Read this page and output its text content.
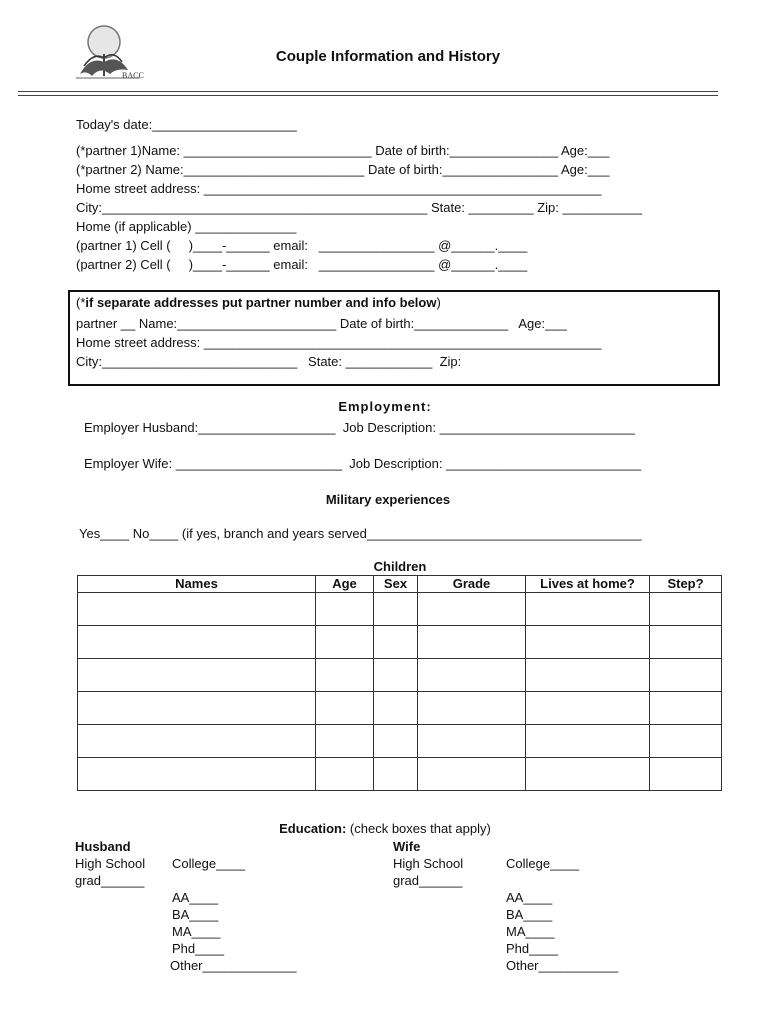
BACC
Couple Information and History
Today's date:____________________
(*partner 1)Name: __________________________ Date of birth:_______________ Age:___
(*partner 2) Name:_________________________ Date of birth:________________ Age:___
Home street address: _______________________________________________________
City:_____________________________________________ State: _________ Zip: ___________
Home (if applicable) ______________
(partner 1) Cell (     )____-______ email:   ________________ @______.____
(partner 2) Cell (     )____-______ email:   ________________ @______.____
(*if separate addresses put partner number and info below)
partner __ Name:______________________ Date of birth:_____________   Age:___
Home street address: _______________________________________________________
City:___________________________   State: ____________  Zip:
Employment:
Employer Husband:___________________  Job Description: ___________________________
Employer Wife: _______________________  Job Description: ___________________________
Military experiences
Yes____ No____ (if yes, branch and years served______________________________________
Children
Names	Age	Sex	Grade	Lives at home?	Step?

Education: (check boxes that apply)
Husband
High School
grad______
College____
AA____
BA____
MA____
Phd____
Other_____________
Wife
High School
grad______
College____
AA____
BA____
MA____
Phd____
Other___________
